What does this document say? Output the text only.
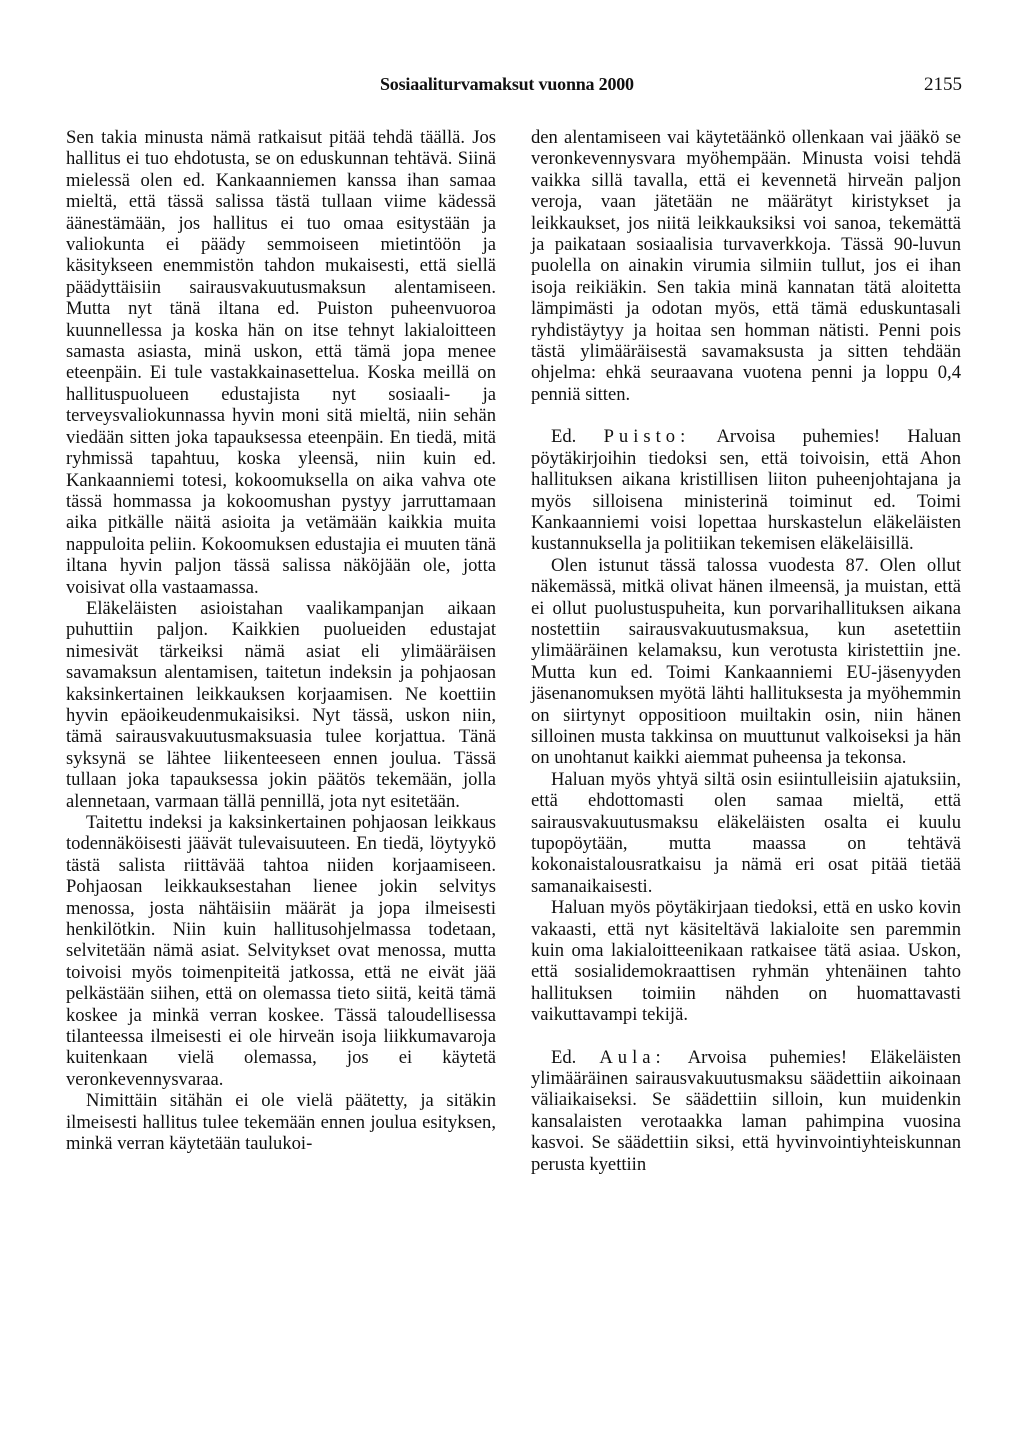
Sosiaaliturvamaksut vuonna 2000	2155

Sen takia minusta nämä ratkaisut pitää tehdä täällä. Jos hallitus ei tuo ehdotusta, se on eduskunnan tehtävä. Siinä mielessä olen ed. Kankaanniemen kanssa ihan samaa mieltä, että tässä salissa tästä tullaan viime kädessä äänestämään, jos hallitus ei tuo omaa esitystään ja valiokunta ei päädy semmoiseen mietintöön ja käsitykseen enemmistön tahdon mukaisesti, että siellä päädyttäisiin sairausvakuutusmaksun alentamiseen. Mutta nyt tänä iltana ed. Puiston puheenvuoroa kuunnellessa ja koska hän on itse tehnyt lakialoitteen samasta asiasta, minä uskon, että tämä jopa menee eteenpäin. Ei tule vastakkainasettelua. Koska meillä on hallituspuolueen edustajista nyt sosiaali- ja terveysvaliokunnassa hyvin moni sitä mieltä, niin sehän viedään sitten joka tapauksessa eteenpäin. En tiedä, mitä ryhmissä tapahtuu, koska yleensä, niin kuin ed. Kankaanniemi totesi, kokoomuksella on aika vahva ote tässä hommassa ja kokoomushan pystyy jarruttamaan aika pitkälle näitä asioita ja vetämään kaikkia muita nappuloita peliin. Kokoomuksen edustajia ei muuten tänä iltana hyvin paljon tässä salissa näköjään ole, jotta voisivat olla vastaamassa.

Eläkeläisten asioistahan vaalikampanjan aikaan puhuttiin paljon. Kaikkien puolueiden edustajat nimesivät tärkeiksi nämä asiat eli ylimääräisen savamaksun alentamisen, taitetun indeksin ja pohjaosan kaksinkertainen leikkauksen korjaamisen. Ne koettiin hyvin epäoikeudenmukaisiksi. Nyt tässä, uskon niin, tämä sairausvakuutusmaksuasia tulee korjattua. Tänä syksynä se lähtee liikenteeseen ennen joulua. Tässä tullaan joka tapauksessa jokin päätös tekemään, jolla alennetaan, varmaan tällä pennillä, jota nyt esitetään.

Taitettu indeksi ja kaksinkertainen pohjaosan leikkaus todennäköisesti jäävät tulevaisuuteen. En tiedä, löytyykö tästä salista riittävää tahtoa niiden korjaamiseen. Pohjaosan leikkauksestahan lienee jokin selvitys menossa, josta nähtäisiin määrät ja jopa ilmeisesti henkilötkin. Niin kuin hallitusohjelmassa todetaan, selvitetään nämä asiat. Selvitykset ovat menossa, mutta toivoisi myös toimenpiteitä jatkossa, että ne eivät jää pelkästään siihen, että on olemassa tieto siitä, keitä tämä koskee ja minkä verran koskee. Tässä taloudellisessa tilanteessa ilmeisesti ei ole hirveän isoja liikkumavaroja kuitenkaan vielä olemassa, jos ei käytetä veronkevennysvaraa.

Nimittäin sitähän ei ole vielä päätetty, ja sitäkin ilmeisesti hallitus tulee tekemään ennen joulua esityksen, minkä verran käytetään taulukoi-

den alentamiseen vai käytetäänkö ollenkaan vai jääkö se veronkevennysvara myöhempään. Minusta voisi tehdä vaikka sillä tavalla, että ei kevennetä hirveän paljon veroja, vaan jätetään ne määrätyt kiristykset ja leikkaukset, jos niitä leikkauksiksi voi sanoa, tekemättä ja paikataan sosiaalisia turvaverkkoja. Tässä 90-luvun puolella on ainakin virumia silmiin tullut, jos ei ihan isoja reikiäkin. Sen takia minä kannatan tätä aloitetta lämpimästi ja odotan myös, että tämä eduskuntasali ryhdistäytyy ja hoitaa sen homman nätisti. Penni pois tästä ylimääräisestä savamaksusta ja sitten tehdään ohjelma: ehkä seuraavana vuotena penni ja loppu 0,4 penniä sitten.

Ed. Puisto: Arvoisa puhemies! Haluan pöytäkirjoihin tiedoksi sen, että toivoisin, että Ahon hallituksen aikana kristillisen liiton puheenjohtajana ja myös silloisena ministerinä toiminut ed. Toimi Kankaanniemi voisi lopettaa hurskastelun eläkeläisten kustannuksella ja politiikan tekemisen eläkeläisillä.

Olen istunut tässä talossa vuodesta 87. Olen ollut näkemässä, mitkä olivat hänen ilmeensä, ja muistan, että ei ollut puolustuspuheita, kun porvarihallituksen aikana nostettiin sairausvakuutusmaksua, kun asetettiin ylimääräinen kelamaksu, kun verotusta kiristettiin jne. Mutta kun ed. Toimi Kankaanniemi EU-jäsenyyden jäsenanomuksen myötä lähti hallituksesta ja myöhemmin on siirtynyt oppositioon muiltakin osin, niin hänen silloinen musta takkinsa on muuttunut valkoiseksi ja hän on unohtanut kaikki aiemmat puheensa ja tekonsa.

Haluan myös yhtyä siltä osin esiintulleisiin ajatuksiin, että ehdottomasti olen samaa mieltä, että sairausvakuutusmaksu eläkeläisten osalta ei kuulu tupopöytään, mutta maassa on tehtävä kokonaistalousratkaisu ja nämä eri osat pitää tietää samanaikaisesti.

Haluan myös pöytäkirjaan tiedoksi, että en usko kovin vakaasti, että nyt käsiteltävä lakialoite sen paremmin kuin oma lakialoitteenikaan ratkaisee tätä asiaa. Uskon, että sosialidemokraattisen ryhmän yhtenäinen tahto hallituksen toimiin nähden on huomattavasti vaikuttavampi tekijä.

Ed. Aula: Arvoisa puhemies! Eläkeläisten ylimääräinen sairausvakuutusmaksu säädettiin aikoinaan väliaikaiseksi. Se säädettiin silloin, kun muidenkin kansalaisten verotaakka laman pahimpina vuosina kasvoi. Se säädettiin siksi, että hyvinvointiyhteiskunnan perusta kyettiin
